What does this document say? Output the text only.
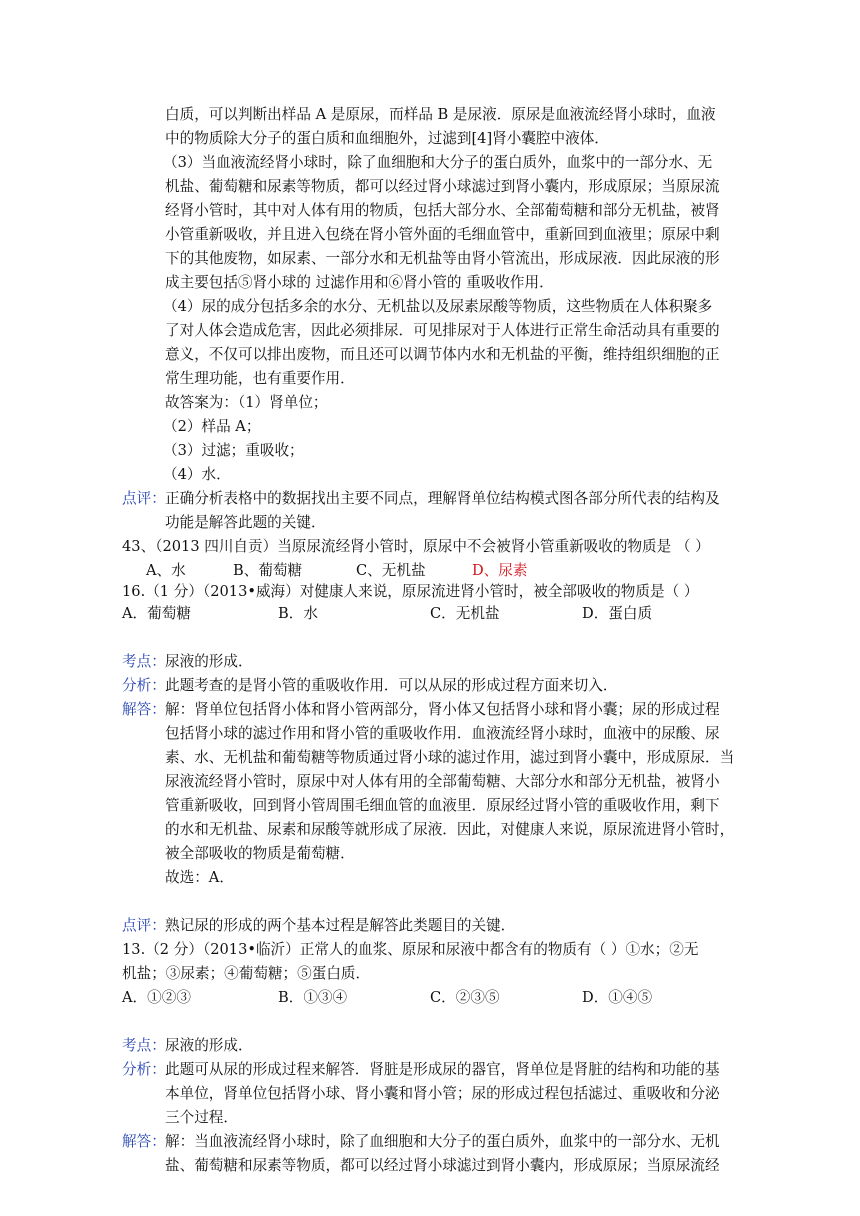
白质，可以判断出样品 A 是原尿，而样品 B 是尿液．原尿是血液流经肾小球时，血液
中的物质除大分子的蛋白质和血细胞外，过滤到[4]肾小囊腔中液体．
（3）当血液流经肾小球时，除了血细胞和大分子的蛋白质外，血浆中的一部分水、无
机盐、葡萄糖和尿素等物质，都可以经过肾小球滤过到肾小囊内，形成原尿；当原尿流
经肾小管时，其中对人体有用的物质，包括大部分水、全部葡萄糖和部分无机盐，被肾
小管重新吸收，并且进入包绕在肾小管外面的毛细血管中，重新回到血液里；原尿中剩
下的其他废物，如尿素、一部分水和无机盐等由肾小管流出，形成尿液．因此尿液的形
成主要包括⑤肾小球的 过滤作用和⑥肾小管的 重吸收作用．
（4）尿的成分包括多余的水分、无机盐以及尿素尿酸等物质，这些物质在人体积聚多
了对人体会造成危害，因此必须排尿．可见排尿对于人体进行正常生命活动具有重要的
意义，不仅可以排出废物，而且还可以调节体内水和无机盐的平衡，维持组织细胞的正
常生理功能，也有重要作用．
故答案为：（1）肾单位；
（2）样品 A；
（3）过滤；重吸收；
（4）水．
点评： 正确分析表格中的数据找出主要不同点，理解肾单位结构模式图各部分所代表的结构及
功能是解答此题的关键．
43、（2013 四川自贡）当原尿流经肾小管时，原尿中不会被肾小管重新吸收的物质是 （ ）
A、水	B、葡萄糖	C、无机盐	D、尿素
16.（1 分）（2013•威海）对健康人来说，原尿流进肾小管时，被全部吸收的物质是（ ）
A．葡萄糖	B．水	C．无机盐	D．蛋白质
考点： 尿液的形成．
分析： 此题考查的是肾小管的重吸收作用．可以从尿的形成过程方面来切入．
解答： 解：肾单位包括肾小体和肾小管两部分，肾小体又包括肾小球和肾小囊；尿的形成过程
包括肾小球的滤过作用和肾小管的重吸收作用．血液流经肾小球时，血液中的尿酸、尿
素、水、无机盐和葡萄糖等物质通过肾小球的滤过作用，滤过到肾小囊中，形成原尿．当
尿液流经肾小管时，原尿中对人体有用的全部葡萄糖、大部分水和部分无机盐，被肾小
管重新吸收，回到肾小管周围毛细血管的血液里．原尿经过肾小管的重吸收作用，剩下
的水和无机盐、尿素和尿酸等就形成了尿液．因此，对健康人来说，原尿流进肾小管时，
被全部吸收的物质是葡萄糖．
故选：A．
点评： 熟记尿的形成的两个基本过程是解答此类题目的关键．
13.（2 分）（2013•临沂）正常人的血浆、原尿和尿液中都含有的物质有（ ）①水；②无
机盐；③尿素；④葡萄糖；⑤蛋白质．
A．①②③	B．①③④	C．②③⑤	D．①④⑤
考点： 尿液的形成．
分析： 此题可从尿的形成过程来解答．肾脏是形成尿的器官，肾单位是肾脏的结构和功能的基
本单位，肾单位包括肾小球、肾小囊和肾小管；尿的形成过程包括滤过、重吸收和分泌
三个过程．
解答： 解：当血液流经肾小球时，除了血细胞和大分子的蛋白质外，血浆中的一部分水、无机
盐、葡萄糖和尿素等物质，都可以经过肾小球滤过到肾小囊内，形成原尿；当原尿流经
